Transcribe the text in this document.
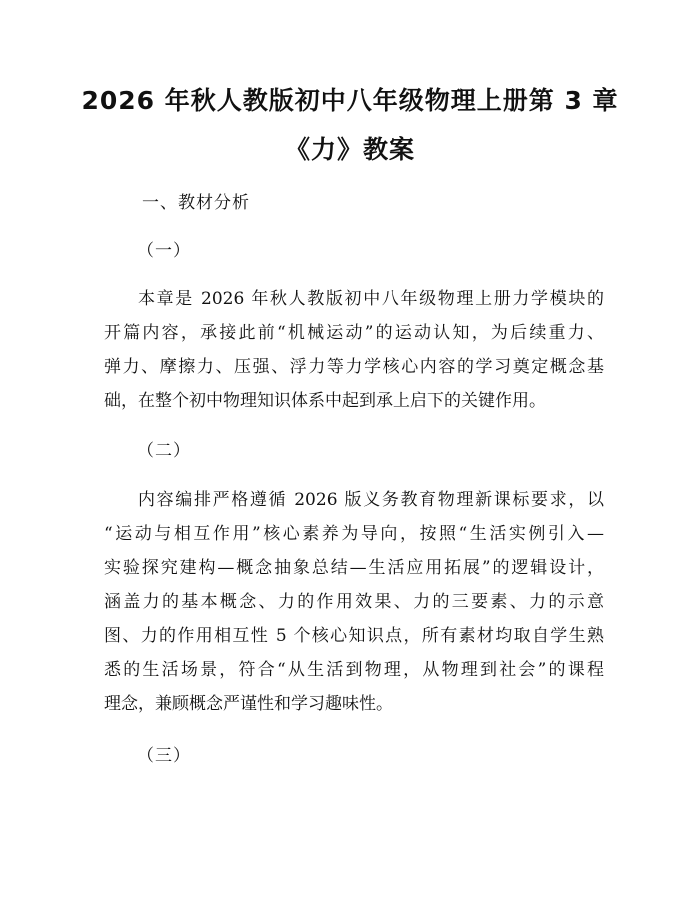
2026 年秋人教版初中八年级物理上册第 3 章
《力》教案
一、教材分析
（一）

本章是 2026 年秋人教版初中八年级物理上册力学模块的
开篇内容，承接此前“机械运动”的运动认知，为后续重力、
弹力、摩擦力、压强、浮力等力学核心内容的学习奠定概念基
础，在整个初中物理知识体系中起到承上启下的关键作用。

（二）

内容编排严格遵循 2026 版义务教育物理新课标要求，以
“运动与相互作用”核心素养为导向，按照“生活实例引入—
实验探究建构—概念抽象总结—生活应用拓展”的逻辑设计，
涵盖力的基本概念、力的作用效果、力的三要素、力的示意
图、力的作用相互性 5 个核心知识点，所有素材均取自学生熟
悉的生活场景，符合“从生活到物理，从物理到社会”的课程
理念，兼顾概念严谨性和学习趣味性。

（三）
